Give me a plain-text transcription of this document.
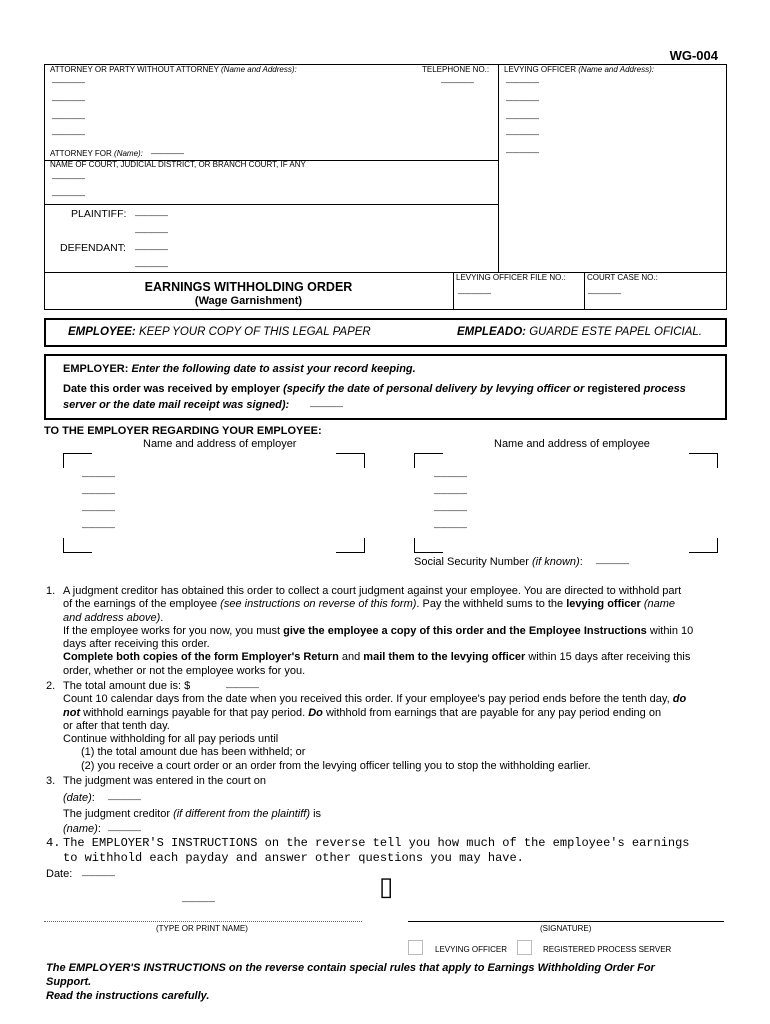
WG-004
ATTORNEY OR PARTY WITHOUT ATTORNEY (Name and Address):	TELEPHONE NO.: LEVYING OFFICER (Name and Address):
_____
_____
_____
_____
_____	_____
_____
_____
_____
_____
ATTORNEY FOR (Name): _____
NAME OF COURT, JUDICIAL DISTRICT, OR BRANCH COURT, IF ANY
_____
_____
PLAINTIFF: _____
_____
DEFENDANT: _____
_____
EARNINGS WITHHOLDING ORDER
(Wage Garnishment)
LEVYING OFFICER FILE NO.:
_____
COURT CASE NO.:
_____
EMPLOYEE: KEEP YOUR COPY OF THIS LEGAL PAPER	EMPLEADO: GUARDE ESTE PAPEL OFICIAL.
EMPLOYER: Enter the following date to assist your record keeping.
Date this order was received by employer (specify the date of personal delivery by levying officer or registered process
server or the date mail receipt was signed): _____
TO THE EMPLOYER REGARDING YOUR EMPLOYEE:
Name and address of employer	Name and address of employee
_____
_____
_____
_____
_____
_____
_____
_____
Social Security Number (if known): _____
1. A judgment creditor has obtained this order to collect a court judgment against your employee. You are directed to withhold part

of the earnings of the employee (see instructions on reverse of this form). Pay the withheld sums to the levying officer (name

and address above).

If the employee works for you now, you must give the employee a copy of this order and the Employee Instructions within 10

days after receiving this order.

Complete both copies of the form Employer's Return and mail them to the levying officer within 15 days after receiving this

order, whether or not the employee works for you.

2. The total amount due is: $

Count 10 calendar days from the date when you received this order. If your employee's pay period ends before the tenth day, do

not withhold earnings payable for that pay period. Do withhold from earnings that are payable for any pay period ending on

or after that tenth day.

Continue withholding for all pay periods until

(1) the total amount due has been withheld; or

(2) you receive a court order or an order from the levying officer telling you to stop the withholding earlier.

_____
3. The judgment was entered in the court on
(date): _____
The judgment creditor (if different from the plaintiff) is
(name): _____
4. The EMPLOYER'S INSTRUCTIONS on the reverse tell you how much of the employee's earnings

to withhold each payday and answer other questions you may have.

Date: _____	▯
_____
(TYPE OR PRINT NAME)	(SIGNATURE)
LEVYING OFFICER	REGISTERED PROCESS SERVER

The EMPLOYER'S INSTRUCTIONS on the reverse contain special rules that apply to Earnings Withholding Order For

Support.

Read the instructions carefully.
